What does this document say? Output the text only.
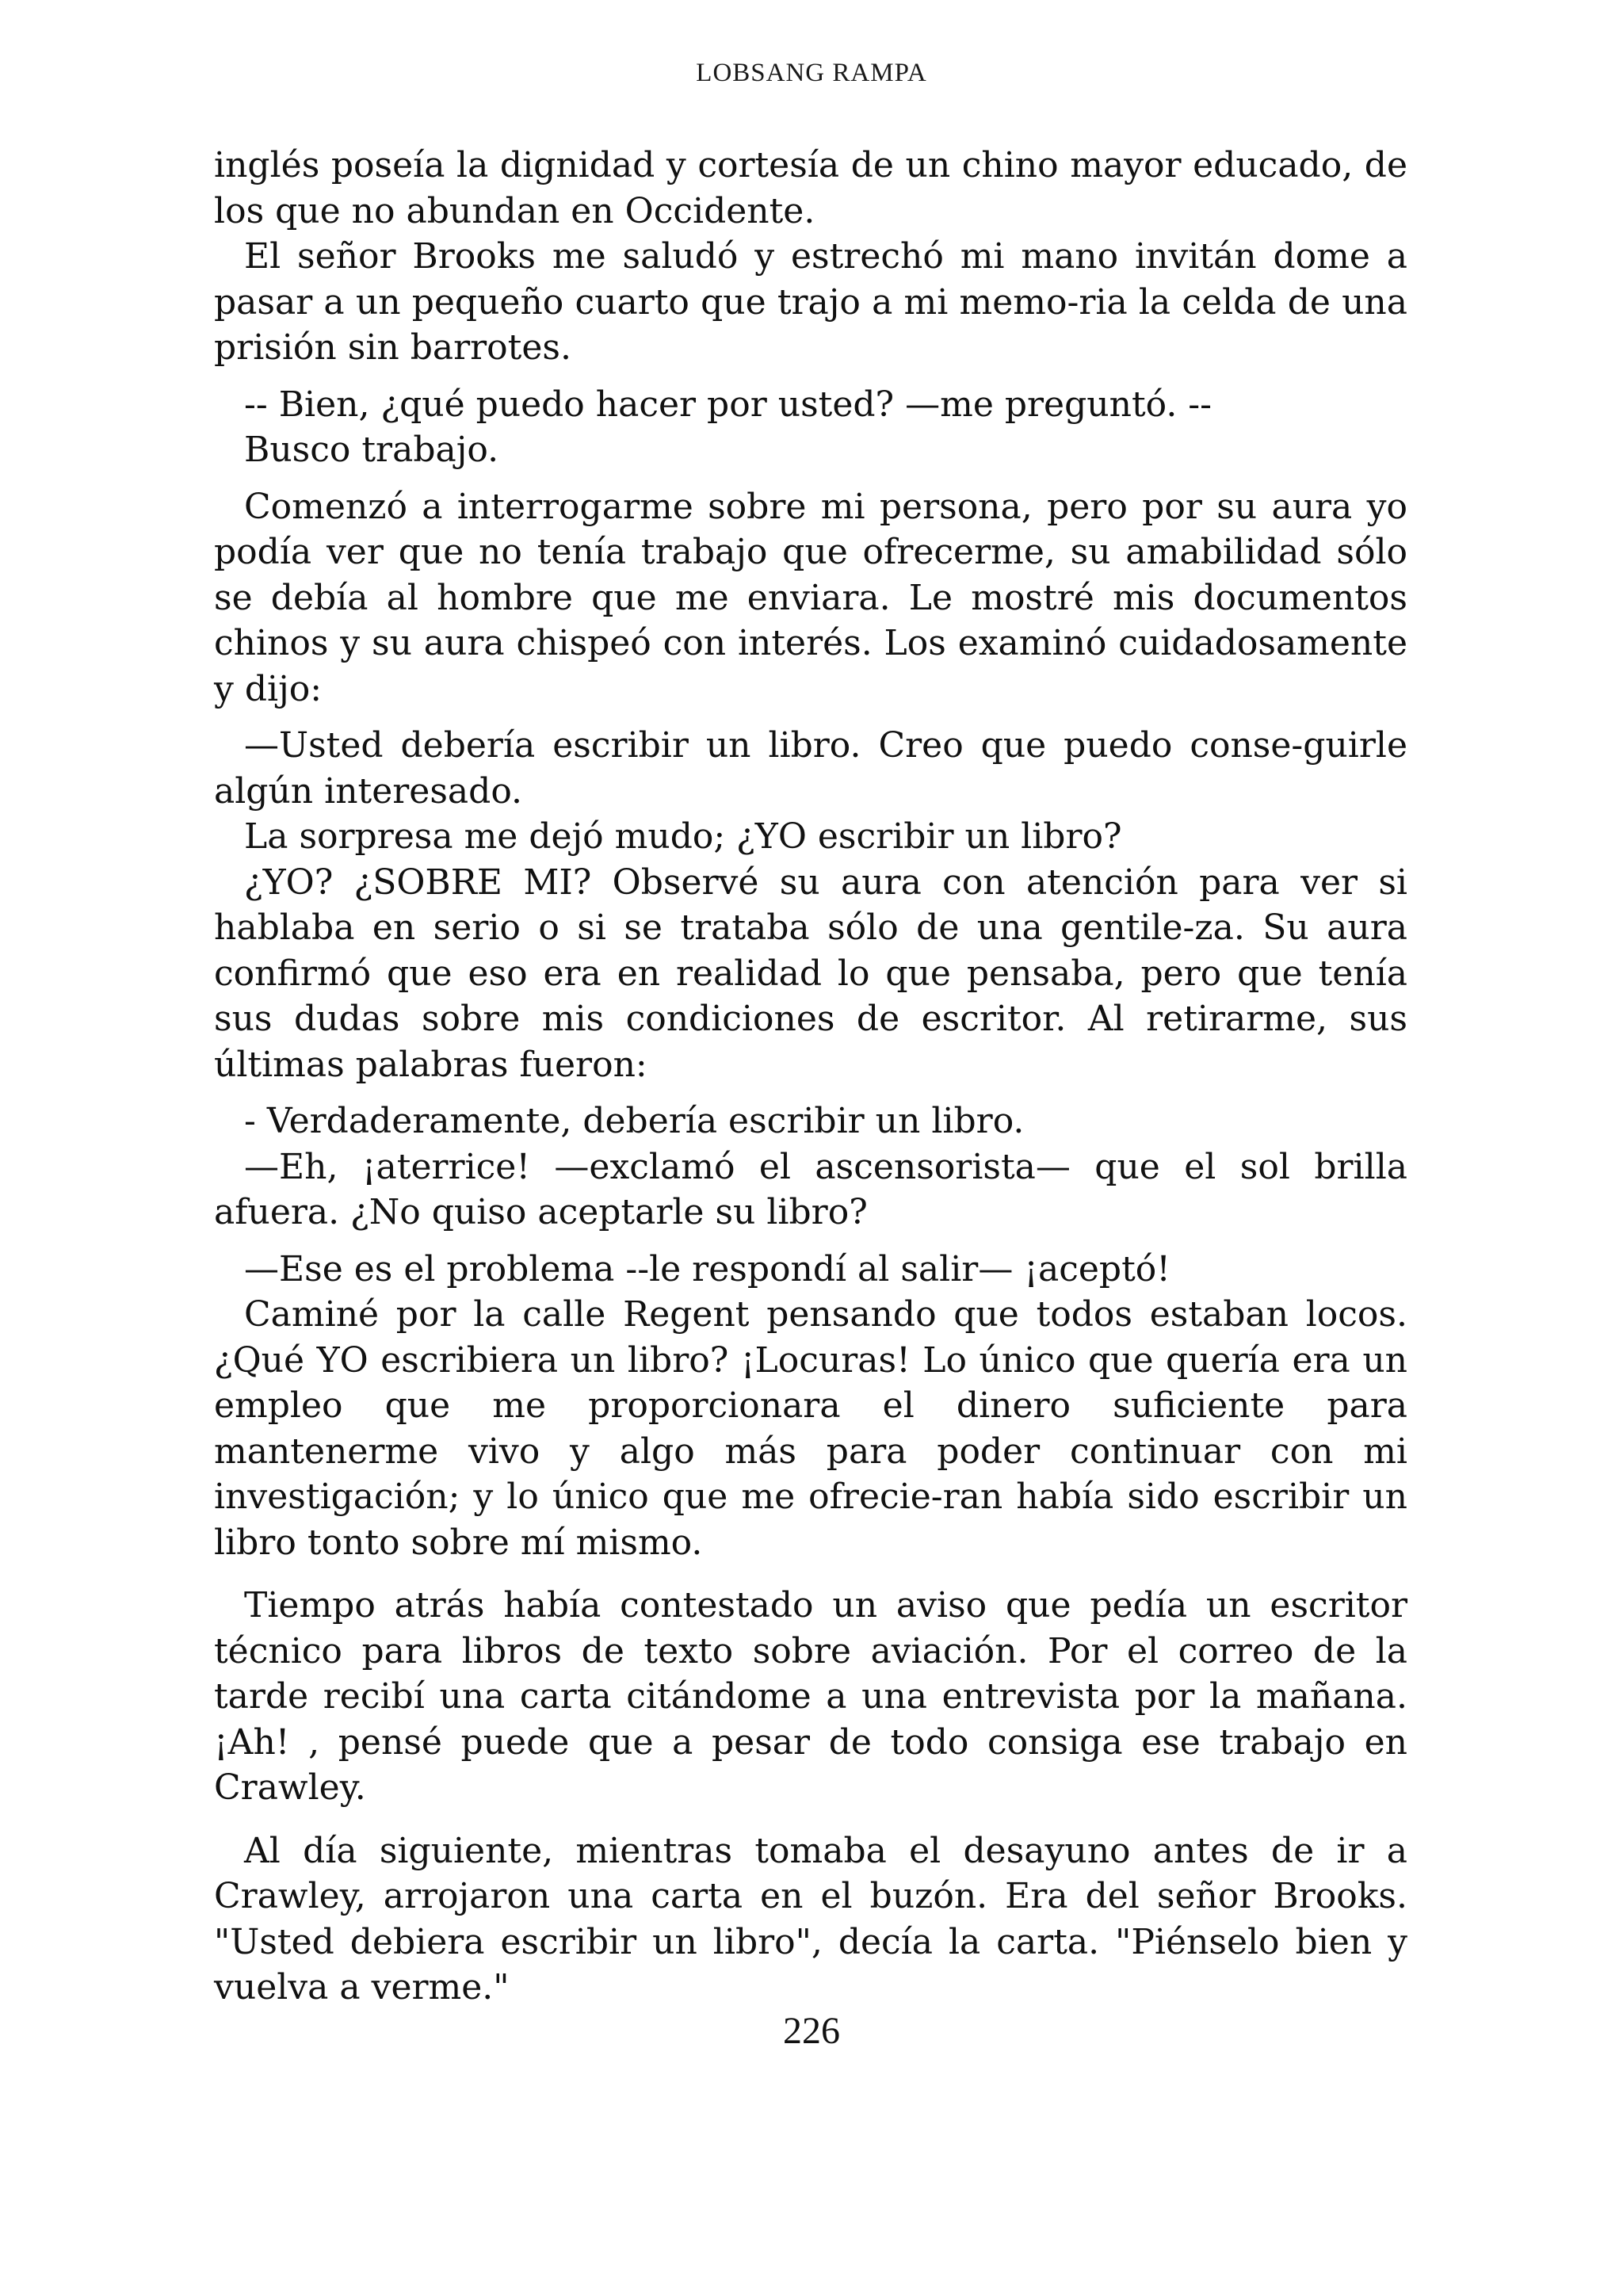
LOBSANG RAMPA

inglés poseía la dignidad y cortesía de un chino mayor educado, de los que no abundan en Occidente.

El señor Brooks me saludó y estrechó mi mano invitán dome a pasar a un pequeño cuarto que trajo a mi memo-ria la celda de una prisión sin barrotes.

-- Bien, ¿qué puedo hacer por usted? —me preguntó. --

Busco trabajo.

Comenzó a interrogarme sobre mi persona, pero por su aura yo podía ver que no tenía trabajo que ofrecerme, su amabilidad sólo se debía al hombre que me enviara. Le mostré mis documentos chinos y su aura chispeó con interés. Los examinó cuidadosamente y dijo:

—Usted debería escribir un libro. Creo que puedo conse-guirle algún interesado.

La sorpresa me dejó mudo; ¿YO escribir un libro?

¿YO? ¿SOBRE MI? Observé su aura con atención para ver si hablaba en serio o si se trataba sólo de una gentile-za. Su aura confirmó que eso era en realidad lo que pensaba, pero que tenía sus dudas sobre mis condiciones de escritor. Al retirarme, sus últimas palabras fueron:

- Verdaderamente, debería escribir un libro.

—Eh, ¡aterrice! —exclamó el ascensorista— que el sol brilla afuera. ¿No quiso aceptarle su libro?

—Ese es el problema --le respondí al salir— ¡aceptó!

Caminé por la calle Regent pensando que todos estaban locos. ¿Qué YO escribiera un libro? ¡Locuras! Lo único que quería era un empleo que me proporcionara el dinero suficiente para mantenerme vivo y algo más para poder continuar con mi investigación; y lo único que me ofrecie-ran había sido escribir un libro tonto sobre mí mismo.

Tiempo atrás había contestado un aviso que pedía un escritor técnico para libros de texto sobre aviación. Por el correo de la tarde recibí una carta citándome a una entrevista por la mañana. ¡Ah! , pensé puede que a pesar de todo consiga ese trabajo en Crawley.

Al día siguiente, mientras tomaba el desayuno antes de ir a Crawley, arrojaron una carta en el buzón. Era del señor Brooks. "Usted debiera escribir un libro", decía la carta. "Piénselo bien y vuelva a verme."

226
